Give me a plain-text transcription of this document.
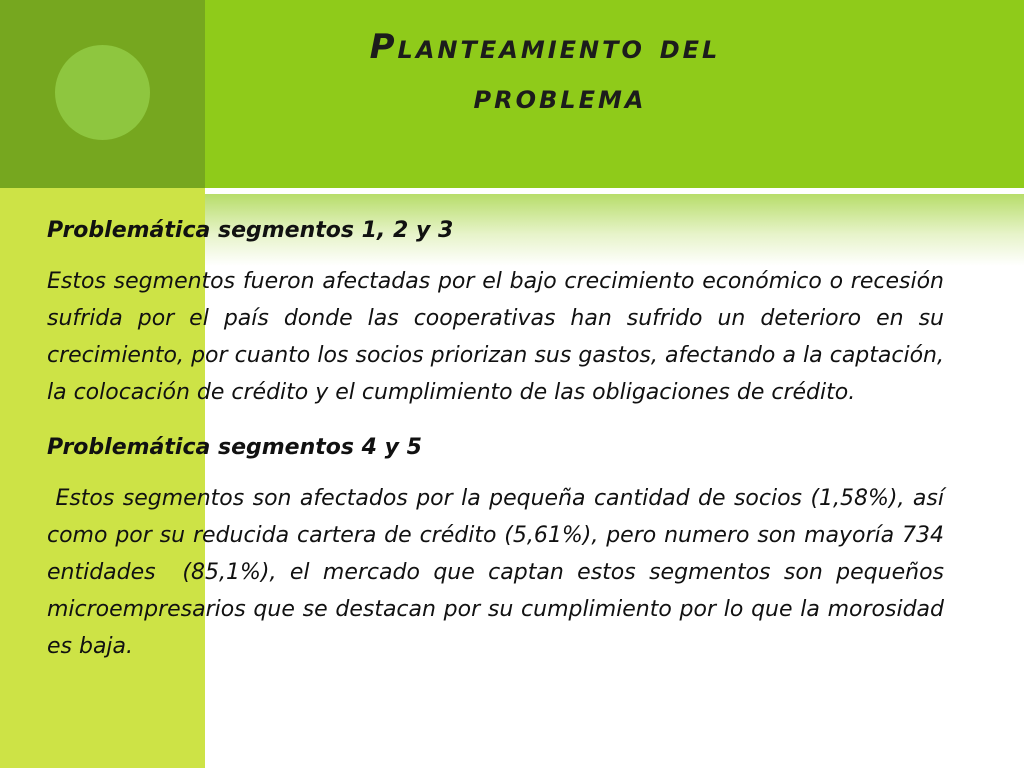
Planteamiento del
problema
Problemática segmentos 1, 2 y 3

Estos segmentos fueron afectadas por el bajo crecimiento económico o recesión sufrida por el país donde las cooperativas han sufrido un deterioro en su crecimiento, por cuanto los socios priorizan sus gastos, afectando a la captación, la colocación de crédito y el cumplimiento de las obligaciones de crédito.

Problemática segmentos 4 y 5

Estos segmentos son afectados por la pequeña cantidad de socios (1,58%), así como por su reducida cartera de crédito (5,61%), pero numero son mayoría 734 entidades  (85,1%), el mercado que captan estos segmentos son pequeños microempresarios que se destacan por su cumplimiento por lo que la morosidad es baja.
